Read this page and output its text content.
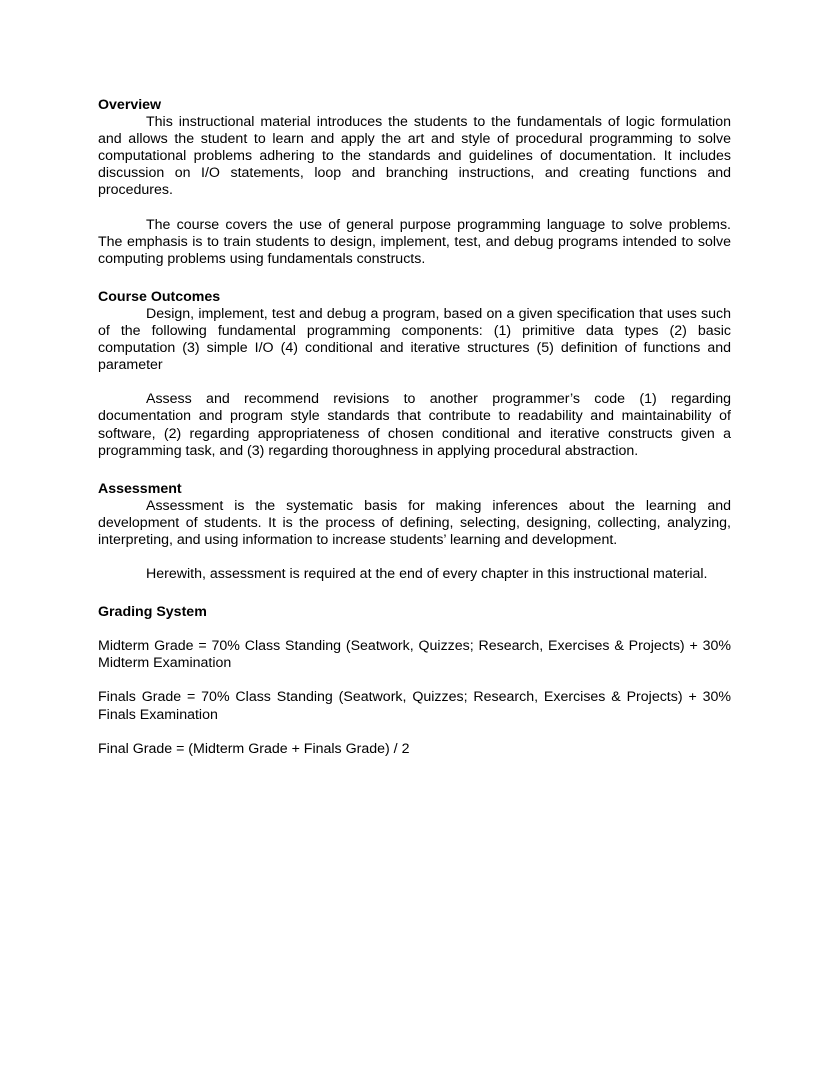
Overview

This instructional material introduces the students to the fundamentals of logic formulation and allows the student to learn and apply the art and style of procedural programming to solve computational problems adhering to the standards and guidelines of documentation. It includes discussion on I/O statements, loop and branching instructions, and creating functions and procedures.

The course covers the use of general purpose programming language to solve problems. The emphasis is to train students to design, implement, test, and debug programs intended to solve computing problems using fundamentals constructs.

Course Outcomes

Design, implement, test and debug a program, based on a given specification that uses such of the following fundamental programming components: (1) primitive data types (2) basic computation (3) simple I/O (4) conditional and iterative structures (5) definition of functions and parameter

Assess and recommend revisions to another programmer’s code (1) regarding documentation and program style standards that contribute to readability and maintainability of software, (2) regarding appropriateness of chosen conditional and iterative constructs given a programming task, and (3) regarding thoroughness in applying procedural abstraction.

Assessment

Assessment is the systematic basis for making inferences about the learning and development of students. It is the process of defining, selecting, designing, collecting, analyzing, interpreting, and using information to increase students’ learning and development.

Herewith, assessment is required at the end of every chapter in this instructional material.

Grading System

Midterm Grade = 70% Class Standing (Seatwork, Quizzes; Research, Exercises & Projects) + 30% Midterm Examination

Finals Grade = 70% Class Standing (Seatwork, Quizzes; Research, Exercises & Projects) + 30% Finals Examination

Final Grade = (Midterm Grade + Finals Grade) / 2
